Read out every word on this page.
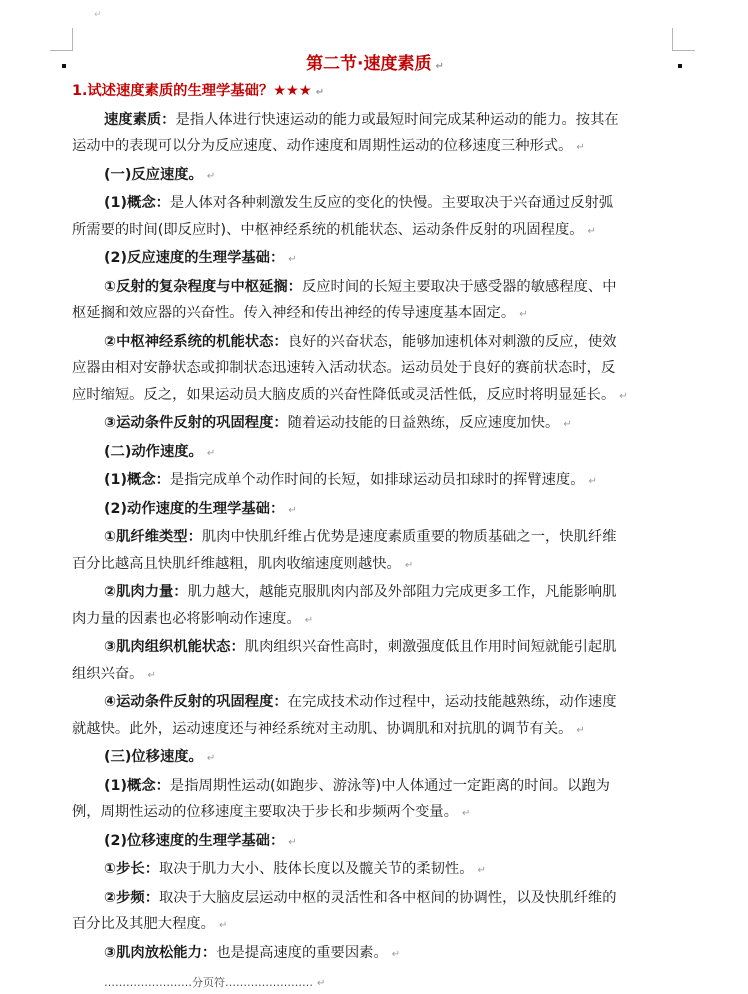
↵
第二节·速度素质 ↵
1.试述速度素质的生理学基础？★★★ ↵
速度素质：是指人体进行快速运动的能力或最短时间完成某种运动的能力。按其在
运动中的表现可以分为反应速度、动作速度和周期性运动的位移速度三种形式。 ↵
(一)反应速度。 ↵
(1)概念：是人体对各种刺激发生反应的变化的快慢。主要取决于兴奋通过反射弧
所需要的时间(即反应时)、中枢神经系统的机能状态、运动条件反射的巩固程度。 ↵
(2)反应速度的生理学基础： ↵
①反射的复杂程度与中枢延搁：反应时间的长短主要取决于感受器的敏感程度、中
枢延搁和效应器的兴奋性。传入神经和传出神经的传导速度基本固定。 ↵
②中枢神经系统的机能状态：良好的兴奋状态，能够加速机体对刺激的反应，使效
应器由相对安静状态或抑制状态迅速转入活动状态。运动员处于良好的赛前状态时，反
应时缩短。反之，如果运动员大脑皮质的兴奋性降低或灵活性低，反应时将明显延长。 ↵
③运动条件反射的巩固程度：随着运动技能的日益熟练，反应速度加快。 ↵
(二)动作速度。 ↵
(1)概念：是指完成单个动作时间的长短，如排球运动员扣球时的挥臂速度。 ↵
(2)动作速度的生理学基础： ↵
①肌纤维类型：肌肉中快肌纤维占优势是速度素质重要的物质基础之一，快肌纤维
百分比越高且快肌纤维越粗，肌肉收缩速度则越快。 ↵
②肌肉力量：肌力越大，越能克服肌肉内部及外部阻力完成更多工作，凡能影响肌
肉力量的因素也必将影响动作速度。 ↵
③肌肉组织机能状态：肌肉组织兴奋性高时，刺激强度低且作用时间短就能引起肌
组织兴奋。 ↵
④运动条件反射的巩固程度：在完成技术动作过程中，运动技能越熟练，动作速度
就越快。此外，运动速度还与神经系统对主动肌、协调肌和对抗肌的调节有关。 ↵
(三)位移速度。 ↵
(1)概念：是指周期性运动(如跑步、游泳等)中人体通过一定距离的时间。以跑为
例，周期性运动的位移速度主要取决于步长和步频两个变量。 ↵
(2)位移速度的生理学基础： ↵
①步长：取决于肌力大小、肢体长度以及髋关节的柔韧性。 ↵
②步频：取决于大脑皮层运动中枢的灵活性和各中枢间的协调性，以及快肌纤维的
百分比及其肥大程度。 ↵
③肌肉放松能力：也是提高速度的重要因素。 ↵
……………………分页符…………………… ↵
